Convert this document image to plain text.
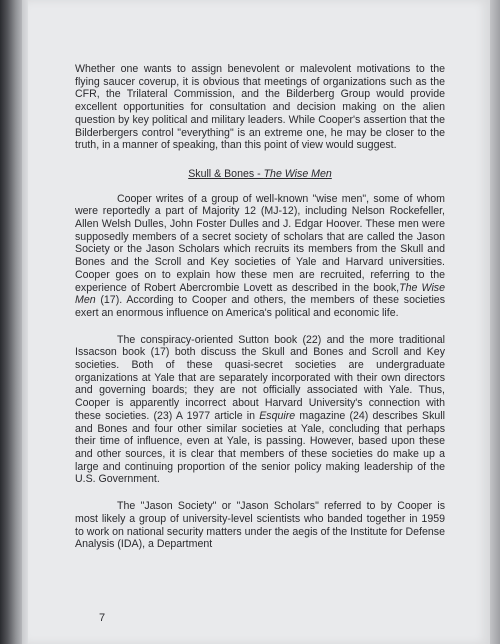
Whether one wants to assign benevolent or malevolent motivations to the flying saucer coverup, it is obvious that meetings of organizations such as the CFR, the Trilateral Commission, and the Bilderberg Group would provide excellent opportunities for consultation and decision making on the alien question by key political and military leaders. While Cooper's assertion that the Bilderbergers control "everything" is an extreme one, he may be closer to the truth, in a manner of speaking, than this point of view would suggest.

Skull & Bones - The Wise Men

Cooper writes of a group of well-known "wise men", some of whom were reportedly a part of Majority 12 (MJ-12), including Nelson Rockefeller, Allen Welsh Dulles, John Foster Dulles and J. Edgar Hoover. These men were supposedly members of a secret society of scholars that are called the Jason Society or the Jason Scholars which recruits its members from the Skull and Bones and the Scroll and Key societies of Yale and Harvard universities. Cooper goes on to explain how these men are recruited, referring to the experience of Robert Abercrombie Lovett as described in the book,The Wise Men (17). According to Cooper and others, the members of these societies exert an enormous influence on America's political and economic life.

The conspiracy-oriented Sutton book (22) and the more traditional Issacson book (17) both discuss the Skull and Bones and Scroll and Key societies. Both of these quasi-secret societies are undergraduate organizations at Yale that are separately incorporated with their own directors and governing boards; they are not officially associated with Yale. Thus, Cooper is apparently incorrect about Harvard University's connection with these societies. (23) A 1977 article in Esquire magazine (24) describes Skull and Bones and four other similar societies at Yale, concluding that perhaps their time of influence, even at Yale, is passing. However, based upon these and other sources, it is clear that members of these societies do make up a large and continuing proportion of the senior policy making leadership of the U.S. Government.

The "Jason Society" or "Jason Scholars" referred to by Cooper is most likely a group of university-level scientists who banded together in 1959 to work on national security matters under the aegis of the Institute for Defense Analysis (IDA), a Department

7
